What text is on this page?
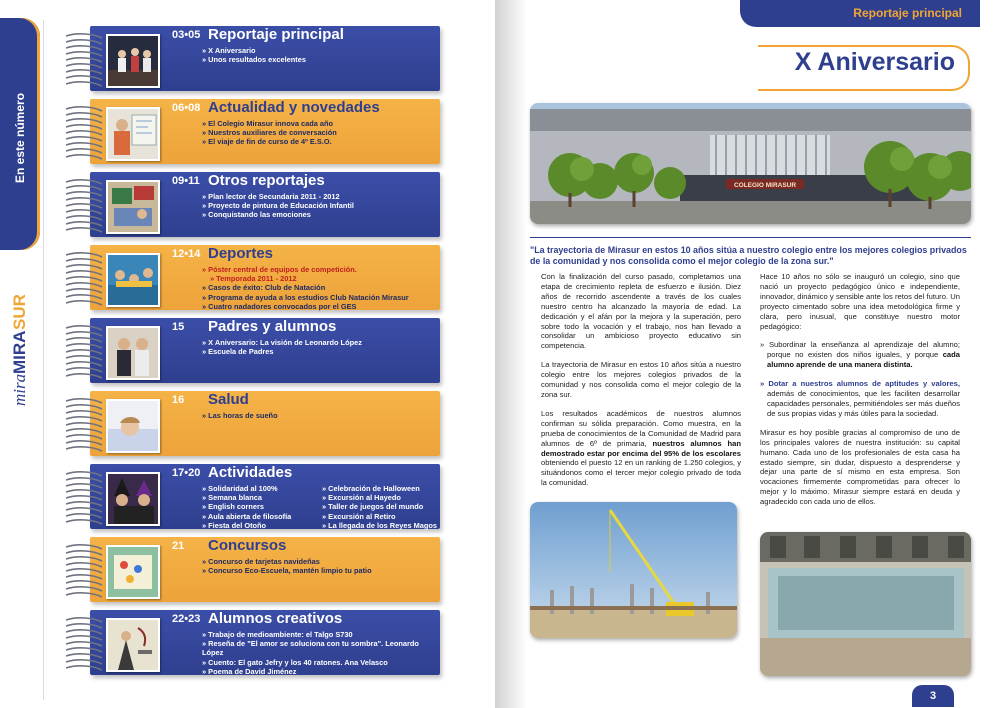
En este número
mira
MIRA
SUR
03•05 Reportaje principal
» X Aniversario
» Unos resultados excelentes
06•08 Actualidad y novedades
» El Colegio Mirasur innova cada año
» Nuestros auxiliares de conversación
» El viaje de fin de curso de 4º E.S.O.
09•11 Otros reportajes
» Plan lector de Secundaria 2011 - 2012
» Proyecto de pintura de Educación Infantil
» Conquistando las emociones
12•14 Deportes
» Póster central de equipos de competición.
» Temporada 2011 - 2012
» Casos de éxito: Club de Natación
» Programa de ayuda a los estudios Club Natación Mirasur
» Cuatro nadadores convocados por el GES
15 Padres y alumnos
» X Aniversario: La visión de Leonardo López
» Escuela de Padres
16 Salud
» Las horas de sueño
17•20 Actividades
» Solidaridad al 100%
» Semana blanca
» English corners
» Aula abierta de filosofía
» Fiesta del Otoño
» Celebración de Halloween
» Excursión al Hayedo
» Taller de juegos del mundo
» Excursión al Retiro
» La llegada de los Reyes Magos
21 Concursos
» Concurso de tarjetas navideñas
» Concurso Eco-Escuela, mantén limpio tu patio
22•23 Alumnos creativos
» Trabajo de medioambiente: el Talgo S730
» Reseña de "El amor se soluciona con tu sombra". Leonardo López
» Cuento: El gato Jefry y los 40 ratones. Ana Velasco
» Poema de David Jiménez
Reportaje principal
X Aniversario
COLEGIO MIRASUR
"La trayectoria de Mirasur en estos 10 años sitúa a nuestro colegio entre los mejores colegios privados de la comunidad y nos consolida como el mejor colegio de la zona sur."

Con la finalización del curso pasado, completamos una etapa de crecimiento repleta de esfuerzo e ilusión. Diez años de recorrido ascendente a través de los cuales nuestro centro ha alcanzado la mayoría de edad. La dedicación y el afán por la mejora y la superación, pero sobre todo la vocación y el trabajo, nos han llevado a consolidar un ambicioso proyecto educativo sin competencia.

La trayectoria de Mirasur en estos 10 años sitúa a nuestro colegio entre los mejores colegios privados de la comunidad y nos consolida como el mejor colegio de la zona sur.

Los resultados académicos de nuestros alumnos confirman su sólida preparación. Como muestra, en la prueba de conocimientos de la Comunidad de Madrid para alumnos de 6º de primaria, nuestros alumnos han demostrado estar por encima del 95% de los escolares obteniendo el puesto 12 en un ranking de 1.250 colegios, y situándonos como el tercer mejor colegio privado de toda la comunidad.

Hace 10 años no sólo se inauguró un colegio, sino que nació un proyecto pedagógico único e independiente, innovador, dinámico y sensible ante los retos del futuro. Un proyecto cimentado sobre una idea metodológica firme y clara, pero inusual, que constituye nuestro motor pedagógico:

» Subordinar la enseñanza al aprendizaje del alumno; porque no existen dos niños iguales, y porque cada alumno aprende de una manera distinta.

» Dotar a nuestros alumnos de aptitudes y valores, además de conocimientos, que les faciliten desarrollar capacidades personales, permitiéndoles ser más dueños de sus propias vidas y más útiles para la sociedad.

Mirasur es hoy posible gracias al compromiso de uno de los principales valores de nuestra institución: su capital humano. Cada uno de los profesionales de esta casa ha estado siempre, sin dudar, dispuesto a desprenderse y dejar una parte de sí mismo en esta empresa. Son vocaciones firmemente comprometidas para ofrecer lo mejor y lo máximo. Mirasur siempre estará en deuda y agradecido con cada uno de ellos.

3
